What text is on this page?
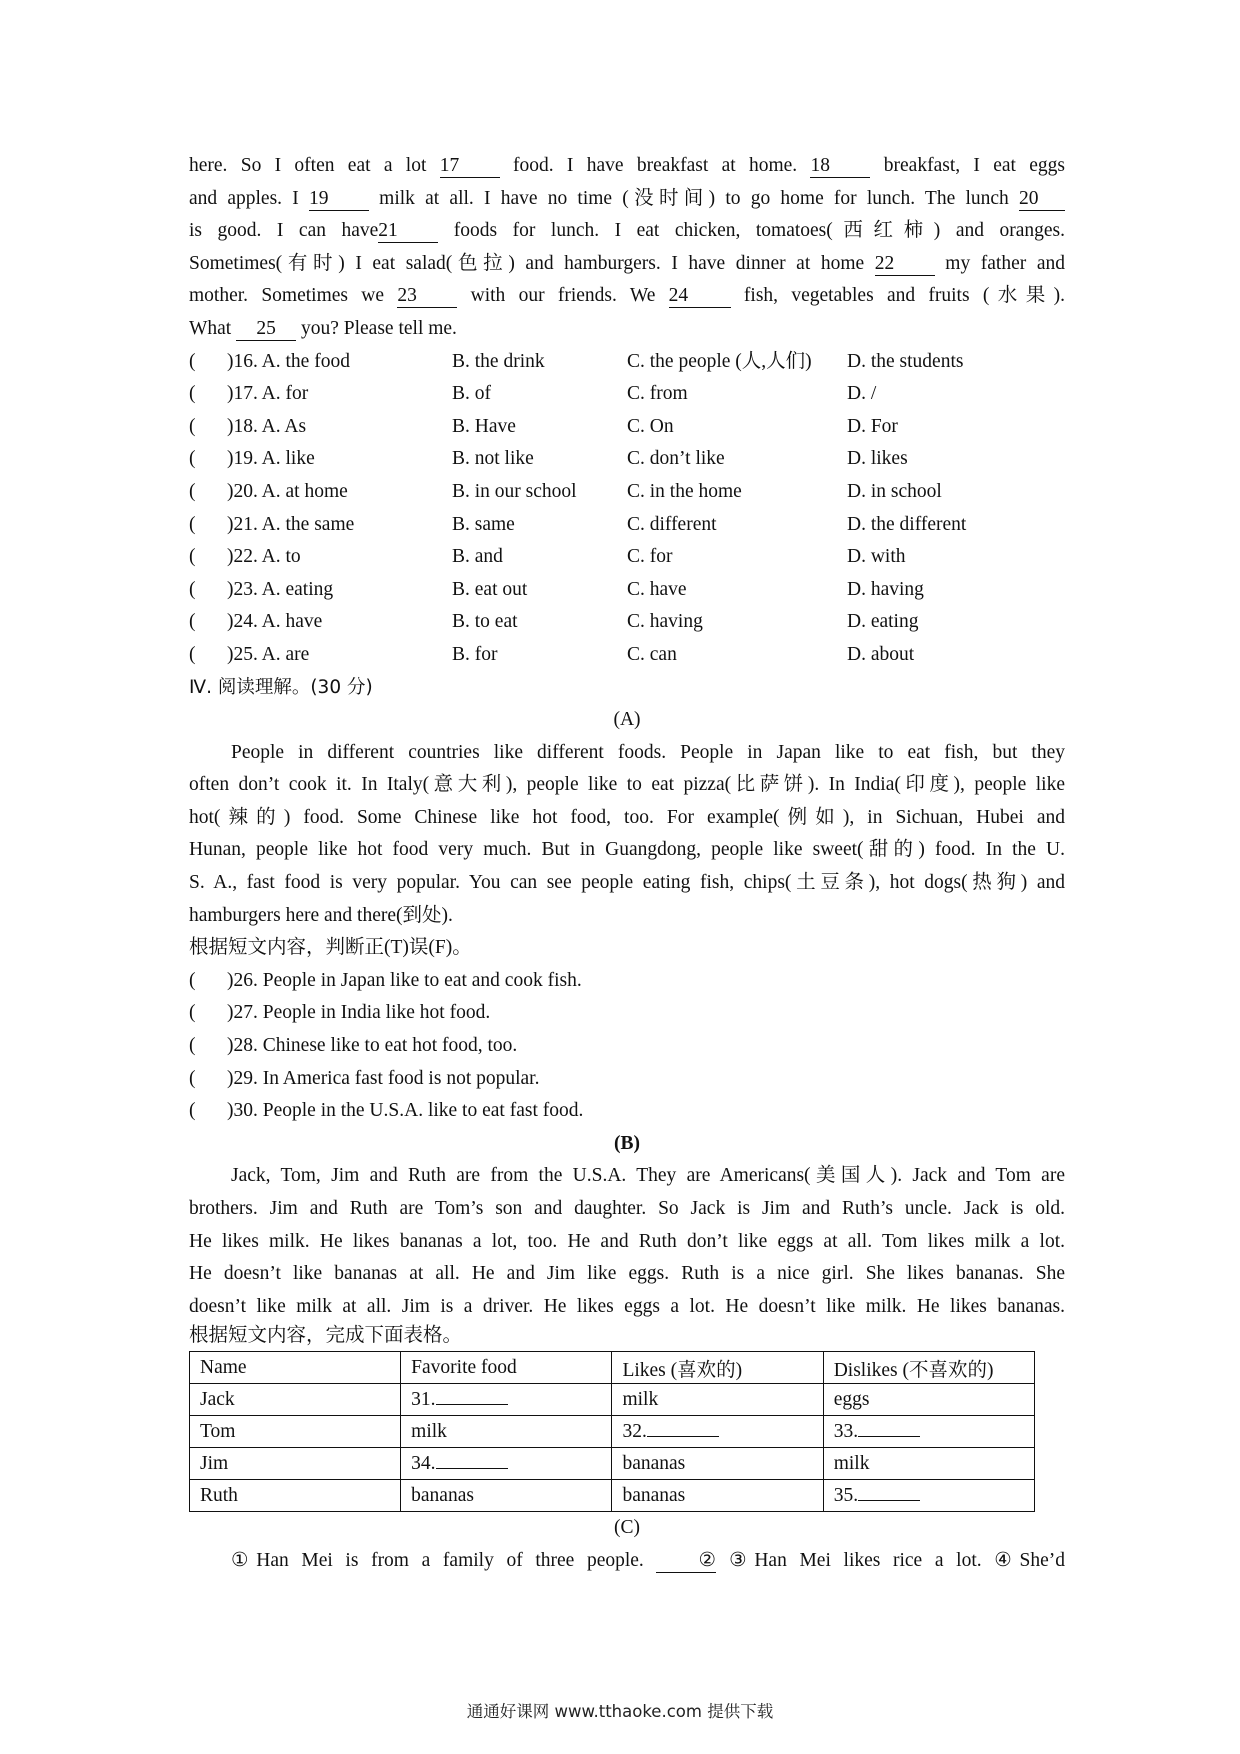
here. So I often eat a lot 17 food. I have breakfast at home. 18 breakfast, I eat eggs
and apples. I 19 milk at all. I have no time (没时间) to go home for lunch. The lunch 20
is good. I can have21 foods for lunch. I eat chicken, tomatoes(西红柿) and oranges.
Sometimes(有时) I eat salad(色拉) and hamburgers. I have dinner at home 22 my father and
mother. Sometimes we 23 with our friends. We 24 fish, vegetables and fruits (水果).
What 25 you? Please tell me.
( )16. A. the food	B. the drink	C. the people (人,人们) D. the students
( )17. A. for	B. of	C. from	D. /
( )18. A. As	B. Have	C. On	D. For
( )19. A. like	B. not like	C. don’t like	D. likes
( )20. A. at home	B. in our school	C. in the home	D. in school
( )21. A. the same	B. same	C. different	D. the different
( )22. A. to	B. and	C. for	D. with
( )23. A. eating	B. eat out	C. have	D. having
( )24. A. have	B. to eat	C. having	D. eating
( )25. A. are	B. for	C. can	D. about
Ⅳ. 阅读理解。(30 分)
(A)
People in different countries like different foods. People in Japan like to eat fish, but they
often don’t cook it. In Italy(意大利), people like to eat pizza(比萨饼). In India(印度), people like
hot(辣的) food. Some Chinese like hot food, too. For example(例如), in Sichuan, Hubei and
Hunan, people like hot food very much. But in Guangdong, people like sweet(甜的) food. In the U.
S. A., fast food is very popular. You can see people eating fish, chips(土豆条), hot dogs(热狗) and
hamburgers here and there(到处).
根据短文内容，判断正(T)误(F)。
( )26. People in Japan like to eat and cook fish.
( )27. People in India like hot food.
( )28. Chinese like to eat hot food, too.
( )29. In America fast food is not popular.
( )30. People in the U.S.A. like to eat fast food.
(B)
Jack, Tom, Jim and Ruth are from the U.S.A. They are Americans(美国人). Jack and Tom are
brothers. Jim and Ruth are Tom’s son and daughter. So Jack is Jim and Ruth’s uncle. Jack is old.
He likes milk. He likes bananas a lot, too. He and Ruth don’t like eggs at all. Tom likes milk a lot.
He doesn’t like bananas at all. He and Jim like eggs. Ruth is a nice girl. She likes bananas. She
doesn’t like milk at all. Jim is a driver. He likes eggs a lot. He doesn’t like milk. He likes bananas.
根据短文内容，完成下面表格。
Name	Favorite food	Likes (喜欢的)	Dislikes (不喜欢的)
Jack	31.	milk	eggs
Tom	milk	32.	33.
Jim	34.	bananas	milk
Ruth	bananas	bananas	35.
(C)
①Han Mei is from a family of three people. ② ③Han Mei likes rice a lot. ④She’d
通通好课网 www.tthaoke.com 提供下载
